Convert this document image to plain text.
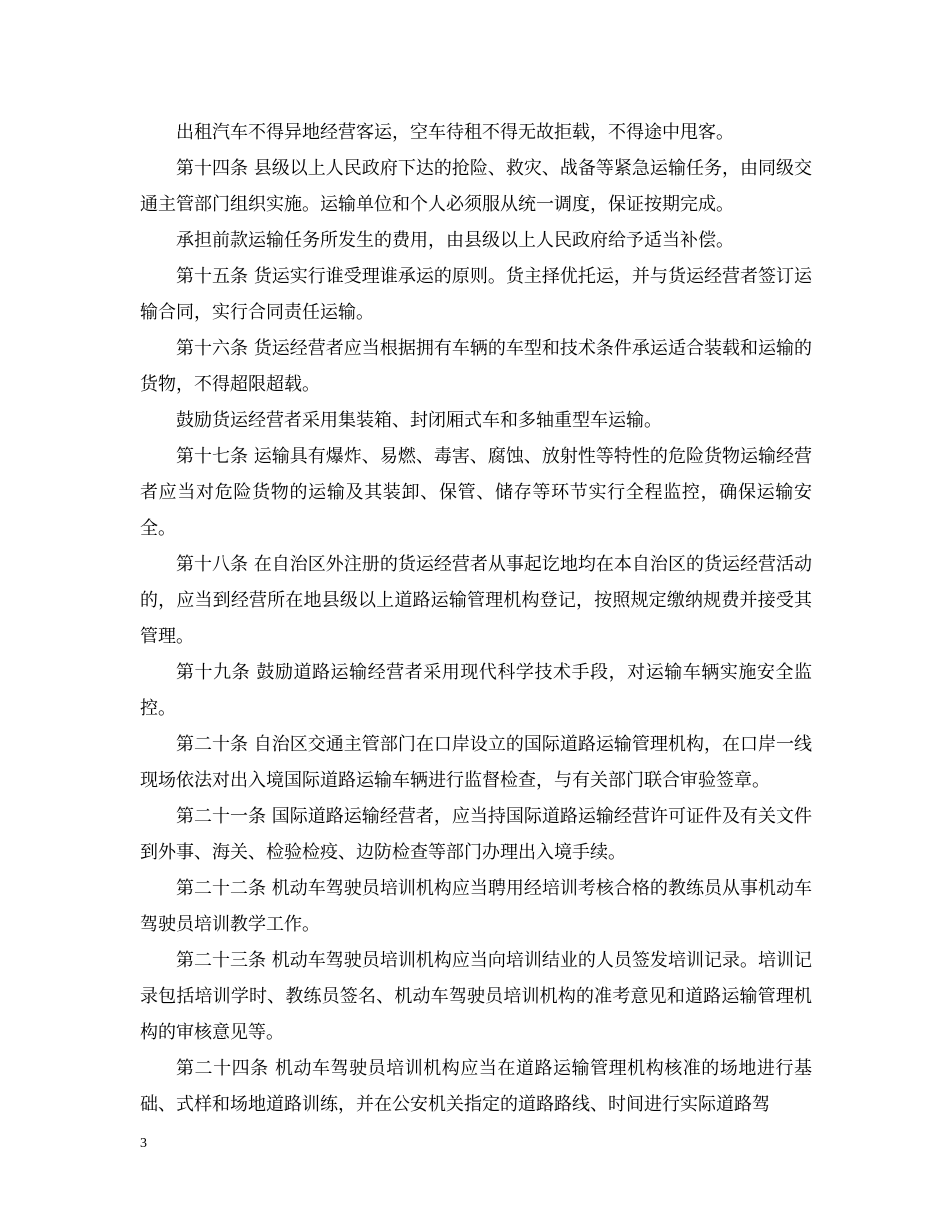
出租汽车不得异地经营客运，空车待租不得无故拒载，不得途中甩客。

第十四条 县级以上人民政府下达的抢险、救灾、战备等紧急运输任务，由同级交通主管部门组织实施。运输单位和个人必须服从统一调度，保证按期完成。

承担前款运输任务所发生的费用，由县级以上人民政府给予适当补偿。

第十五条 货运实行谁受理谁承运的原则。货主择优托运，并与货运经营者签订运输合同，实行合同责任运输。

第十六条 货运经营者应当根据拥有车辆的车型和技术条件承运适合装载和运输的货物，不得超限超载。

鼓励货运经营者采用集装箱、封闭厢式车和多轴重型车运输。

第十七条 运输具有爆炸、易燃、毒害、腐蚀、放射性等特性的危险货物运输经营者应当对危险货物的运输及其装卸、保管、储存等环节实行全程监控，确保运输安全。

第十八条 在自治区外注册的货运经营者从事起讫地均在本自治区的货运经营活动的，应当到经营所在地县级以上道路运输管理机构登记，按照规定缴纳规费并接受其管理。

第十九条 鼓励道路运输经营者采用现代科学技术手段，对运输车辆实施安全监控。

第二十条 自治区交通主管部门在口岸设立的国际道路运输管理机构，在口岸一线现场依法对出入境国际道路运输车辆进行监督检查，与有关部门联合审验签章。

第二十一条 国际道路运输经营者，应当持国际道路运输经营许可证件及有关文件到外事、海关、检验检疫、边防检查等部门办理出入境手续。

第二十二条 机动车驾驶员培训机构应当聘用经培训考核合格的教练员从事机动车驾驶员培训教学工作。

第二十三条 机动车驾驶员培训机构应当向培训结业的人员签发培训记录。培训记录包括培训学时、教练员签名、机动车驾驶员培训机构的准考意见和道路运输管理机构的审核意见等。

第二十四条 机动车驾驶员培训机构应当在道路运输管理机构核准的场地进行基础、式样和场地道路训练，并在公安机关指定的道路路线、时间进行实际道路驾

3
